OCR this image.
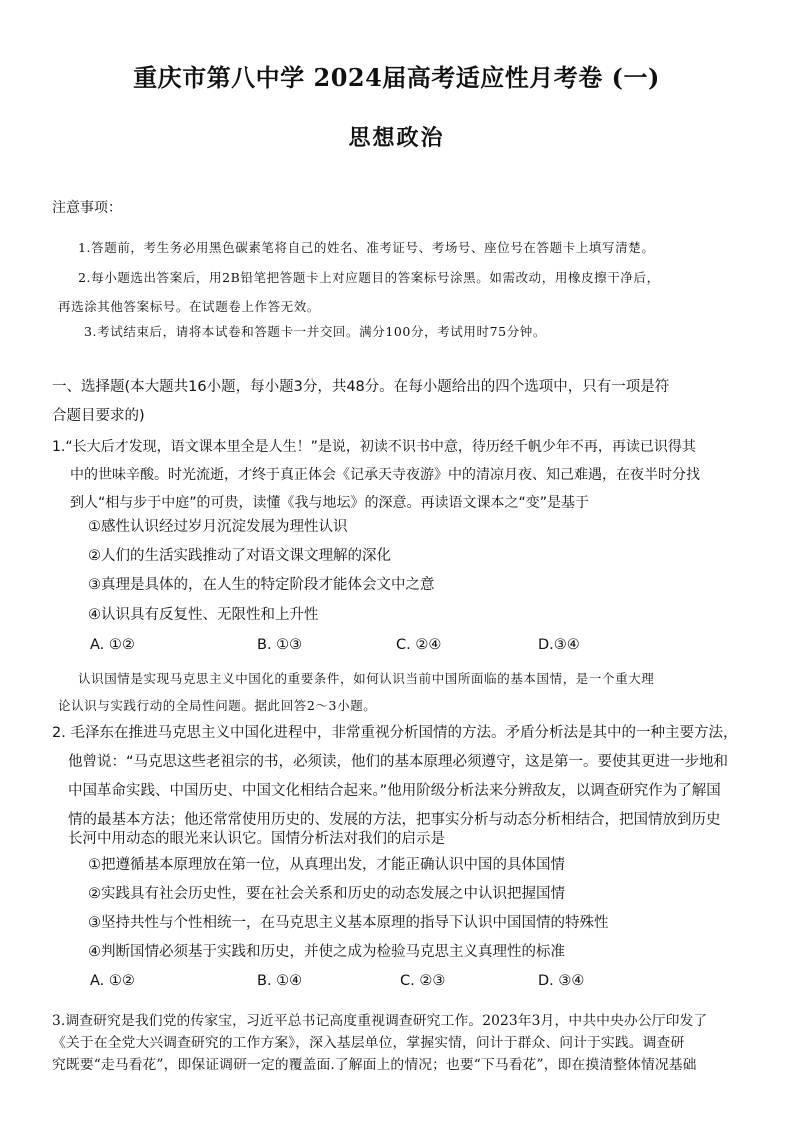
重庆市第八中学 2024届高考适应性月考卷 (一)
思想政治
注意事项：
1.答题前，考生务必用黑色碳素笔将自己的姓名、准考证号、考场号、座位号在答题卡上填写清楚。
2.每小题选出答案后，用2B铅笔把答题卡上对应题目的答案标号涂黑。如需改动，用橡皮擦干净后，
再选涂其他答案标号。在试题卷上作答无效。
3.考试结束后，请将本试卷和答题卡一并交回。满分100分，考试用时75分钟。
一、选择题(本大题共16小题，每小题3分，共48分。在每小题给出的四个选项中，只有一项是符
合题目要求的)
1.“长大后才发现，语文课本里全是人生！”是说，初读不识书中意，待历经千帆少年不再，再读已识得其
中的世味辛酸。时光流逝，才终于真正体会《记承天寺夜游》中的清凉月夜、知己难遇，在夜半时分找
到人“相与步于中庭”的可贵，读懂《我与地坛》的深意。再读语文课本之“变”是基于
①感性认识经过岁月沉淀发展为理性认识
②人们的生活实践推动了对语文课文理解的深化
③真理是具体的，在人生的特定阶段才能体会文中之意
④认识具有反复性、无限性和上升性
A. ①②	B. ①③	C. ②④	D.③④
认识国情是实现马克思主义中国化的重要条件，如何认识当前中国所面临的基本国情，是一个重大理
论认识与实践行动的全局性问题。据此回答2～3小题。
2. 毛泽东在推进马克思主义中国化进程中，非常重视分析国情的方法。矛盾分析法是其中的一种主要方法，
他曾说：“马克思这些老祖宗的书，必须读，他们的基本原理必须遵守，这是第一。要使其更进一步地和
中国革命实践、中国历史、中国文化相结合起来。”他用阶级分析法来分辨敌友，以调查研究作为了解国
情的最基本方法；他还常常使用历史的、发展的方法，把事实分析与动态分析相结合，把国情放到历史
长河中用动态的眼光来认识它。国情分析法对我们的启示是
①把遵循基本原理放在第一位，从真理出发，才能正确认识中国的具体国情
②实践具有社会历史性，要在社会关系和历史的动态发展之中认识把握国情
③坚持共性与个性相统一，在马克思主义基本原理的指导下认识中国国情的特殊性
④判断国情必须基于实践和历史，并使之成为检验马克思主义真理性的标准
A. ①②	B. ①④	C. ②③	D. ③④
3.调查研究是我们党的传家宝，习近平总书记高度重视调查研究工作。2023年3月，中共中央办公厅印发了
《关于在全党大兴调查研究的工作方案》，深入基层单位，掌握实情，问计于群众、问计于实践。调查研
究既要“走马看花”，即保证调研一定的覆盖面.了解面上的情况；也要“下马看花”，即在摸清整体情况基础
